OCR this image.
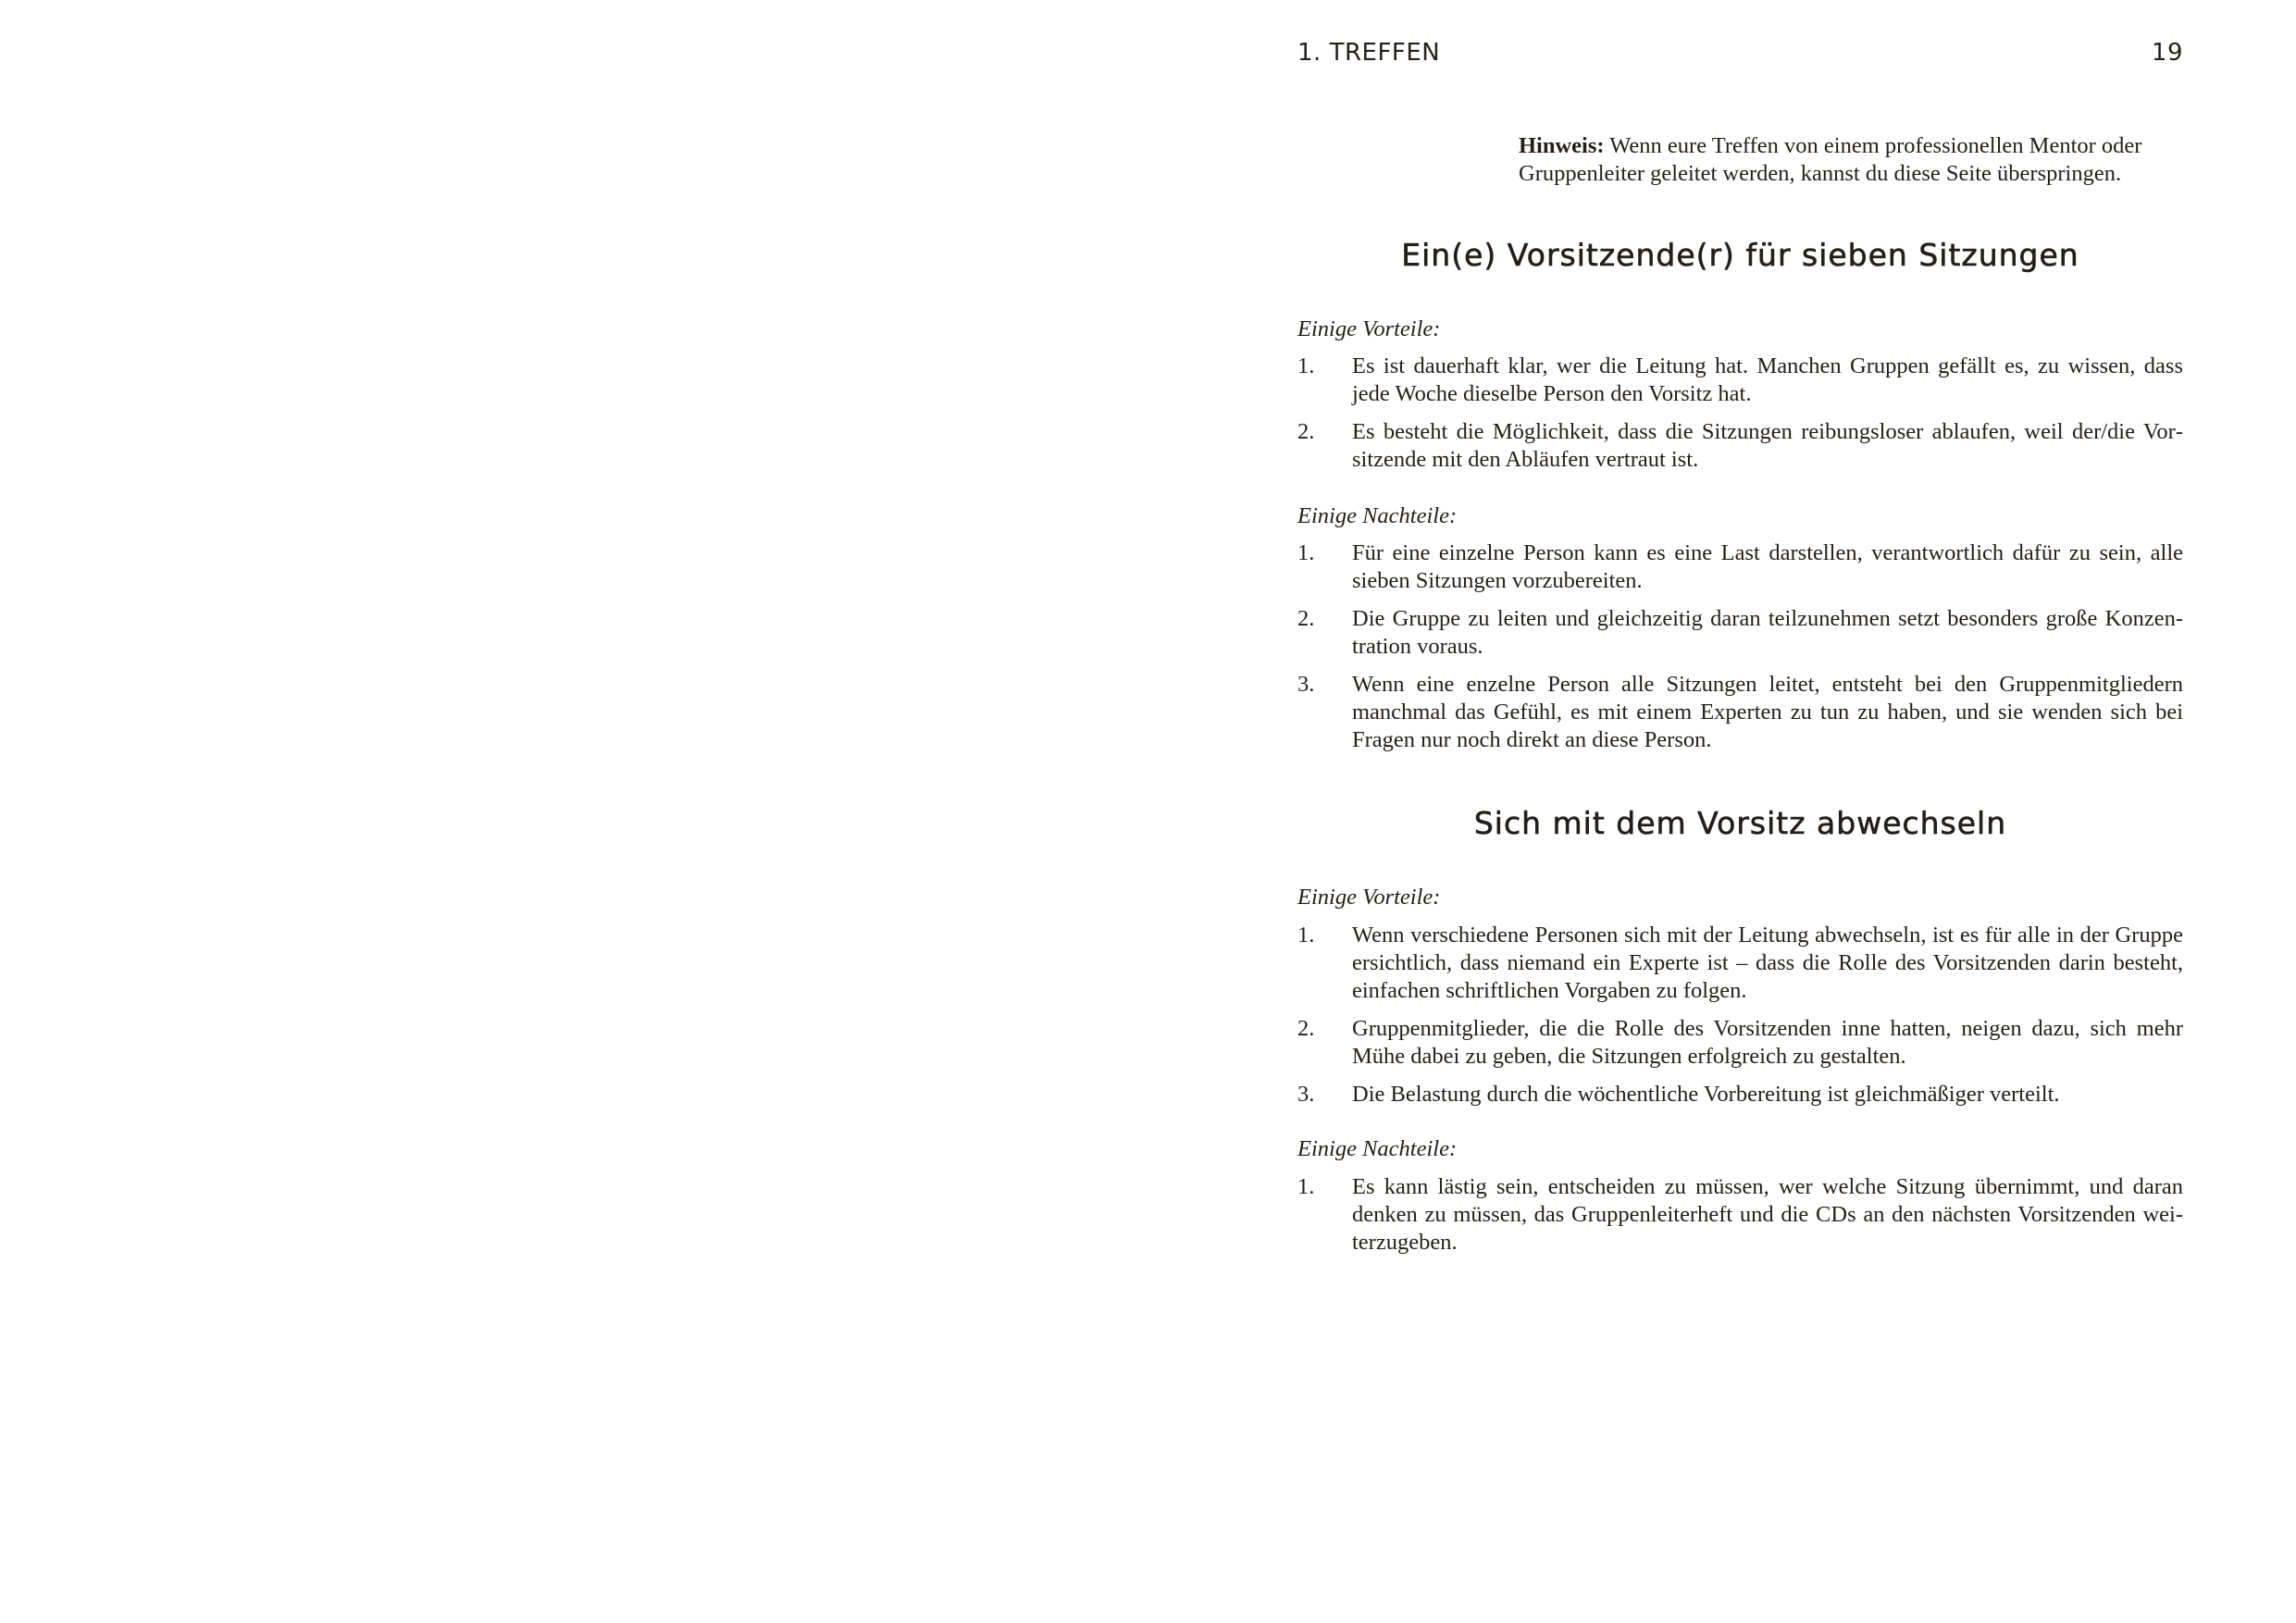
1. TREFFEN	19

Hinweis: Wenn eure Treffen von einem professionellen Mentor oder Gruppenleiter geleitet werden, kannst du diese Seite überspringen.

Ein(e) Vorsitzende(r) für sieben Sitzungen
Einige Vorteile:
1. Es ist dauerhaft klar, wer die Leitung hat. Manchen Gruppen gefällt es, zu wissen, dass jede Woche dieselbe Person den Vorsitz hat.
2. Es besteht die Möglichkeit, dass die Sitzungen reibungsloser ablaufen, weil der/die Vorsitzende mit den Abläufen vertraut ist.
Einige Nachteile:
1. Für eine einzelne Person kann es eine Last darstellen, verantwortlich dafür zu sein, alle sieben Sitzungen vorzubereiten.
2. Die Gruppe zu leiten und gleichzeitig daran teilzunehmen setzt besonders große Konzentration voraus.
3. Wenn eine enzelne Person alle Sitzungen leitet, entsteht bei den Gruppenmitgliedern manchmal das Gefühl, es mit einem Experten zu tun zu haben, und sie wenden sich bei Fragen nur noch direkt an diese Person.
Sich mit dem Vorsitz abwechseln
Einige Vorteile:
1. Wenn verschiedene Personen sich mit der Leitung abwechseln, ist es für alle in der Gruppe ersichtlich, dass niemand ein Experte ist – dass die Rolle des Vorsitzenden darin besteht, einfachen schriftlichen Vorgaben zu folgen.
2. Gruppenmitglieder, die die Rolle des Vorsitzenden inne hatten, neigen dazu, sich mehr Mühe dabei zu geben, die Sitzungen erfolgreich zu gestalten.
3. Die Belastung durch die wöchentliche Vorbereitung ist gleichmäßiger verteilt.
Einige Nachteile:
1. Es kann lästig sein, entscheiden zu müssen, wer welche Sitzung übernimmt, und daran denken zu müssen, das Gruppenleiterheft und die CDs an den nächsten Vorsitzenden weiterzugeben.
